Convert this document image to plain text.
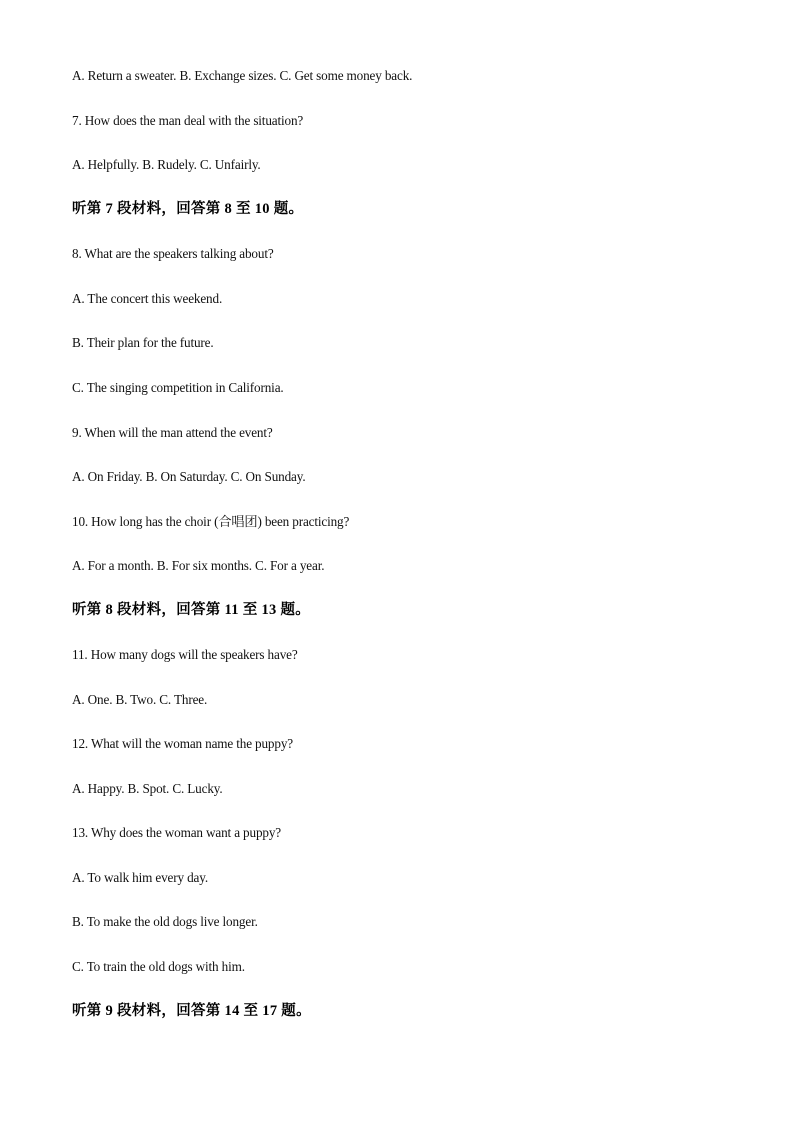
A. Return a sweater. B. Exchange sizes. C. Get some money back.
7. How does the man deal with the situation?
A. Helpfully. B. Rudely. C. Unfairly.
听第 7 段材料，回答第 8 至 10 题。
8. What are the speakers talking about?
A. The concert this weekend.
B. Their plan for the future.
C. The singing competition in California.
9. When will the man attend the event?
A. On Friday. B. On Saturday. C. On Sunday.
10. How long has the choir (合唱团) been practicing?
A. For a month. B. For six months. C. For a year.
听第 8 段材料，回答第 11 至 13 题。
11. How many dogs will the speakers have?
A. One. B. Two. C. Three.
12. What will the woman name the puppy?
A. Happy. B. Spot. C. Lucky.
13. Why does the woman want a puppy?
A. To walk him every day.
B. To make the old dogs live longer.
C. To train the old dogs with him.
听第 9 段材料，回答第 14 至 17 题。
